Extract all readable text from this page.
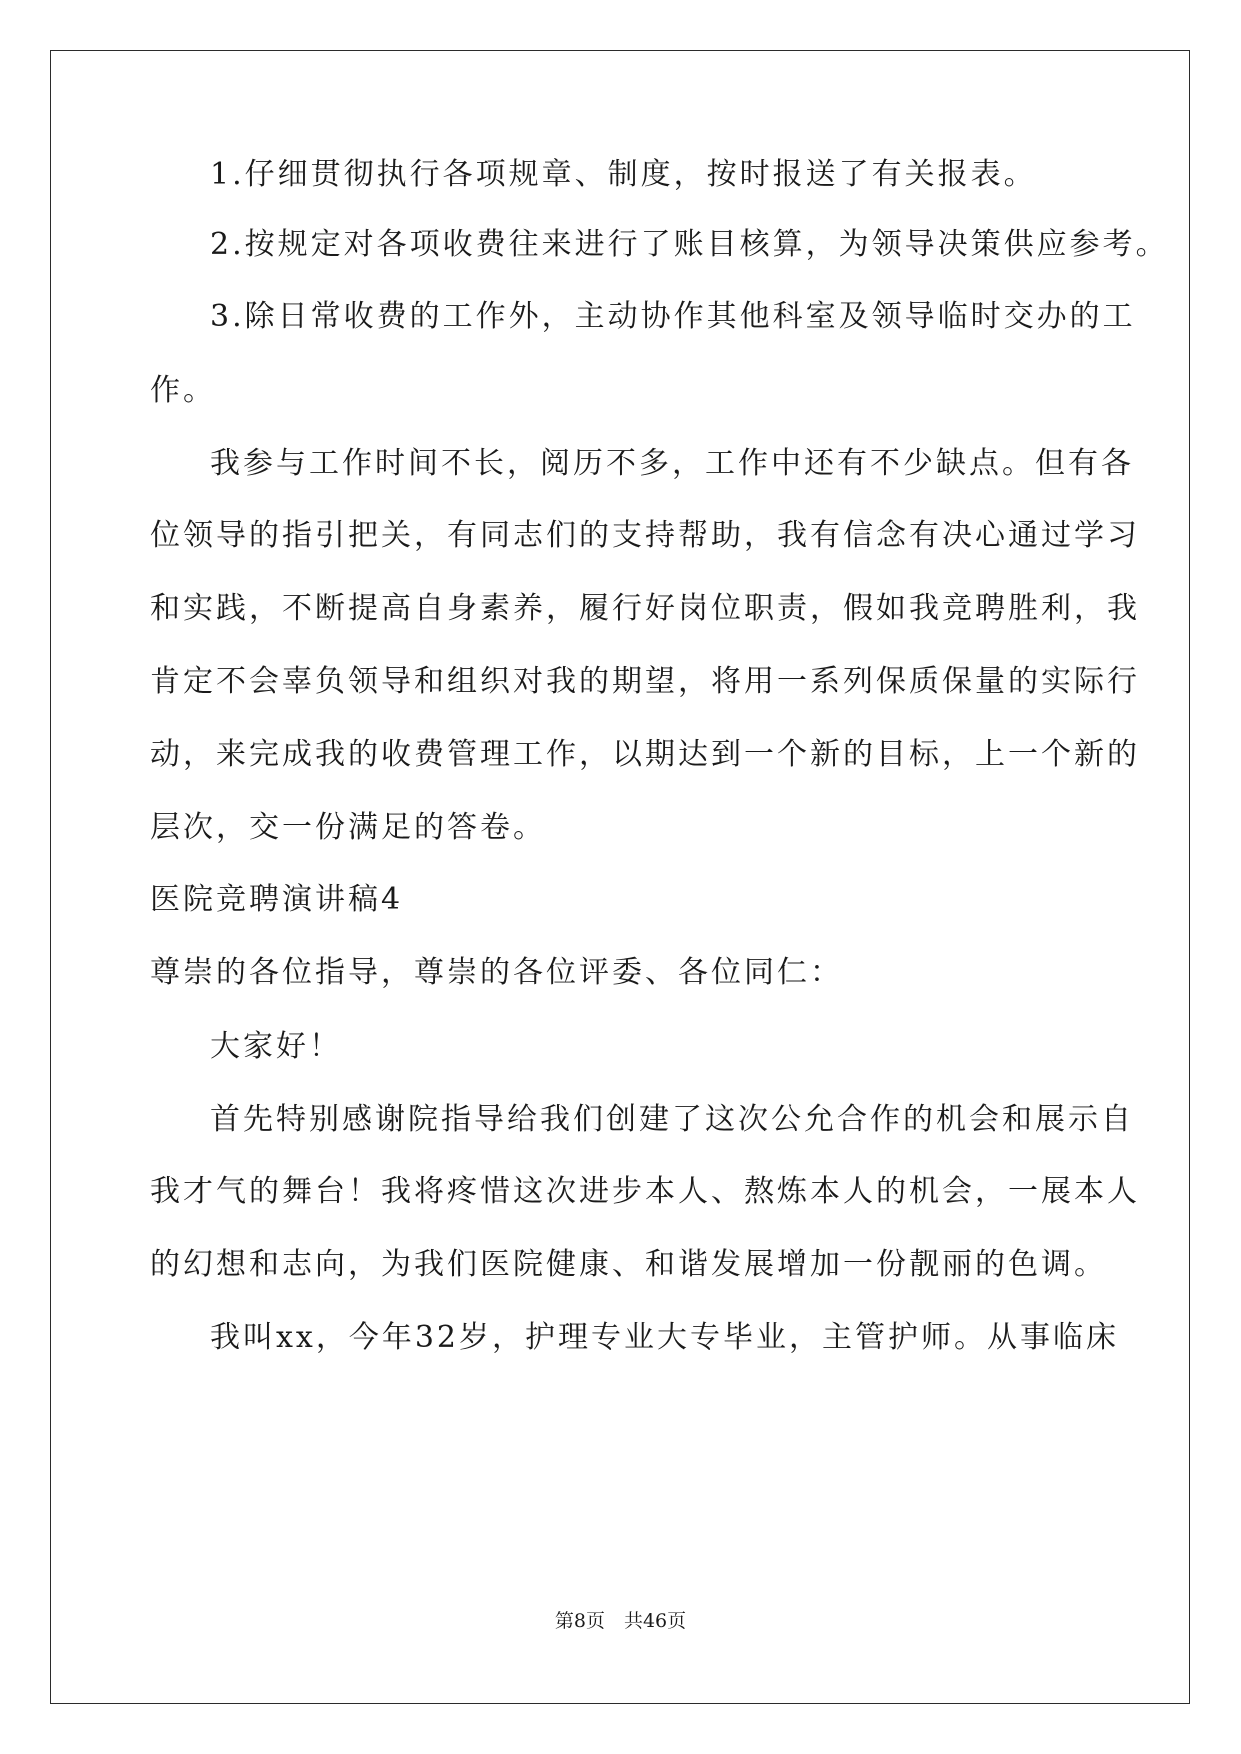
1.仔细贯彻执行各项规章、制度，按时报送了有关报表。
2.按规定对各项收费往来进行了账目核算，为领导决策供应参考。
3.除日常收费的工作外，主动协作其他科室及领导临时交办的工
作。
我参与工作时间不长，阅历不多，工作中还有不少缺点。但有各
位领导的指引把关，有同志们的支持帮助，我有信念有决心通过学习
和实践，不断提高自身素养，履行好岗位职责，假如我竞聘胜利，我
肯定不会辜负领导和组织对我的期望，将用一系列保质保量的实际行
动，来完成我的收费管理工作，以期达到一个新的目标，上一个新的
层次，交一份满足的答卷。
医院竞聘演讲稿4
尊崇的各位指导，尊崇的各位评委、各位同仁：
大家好！
首先特别感谢院指导给我们创建了这次公允合作的机会和展示自
我才气的舞台！我将疼惜这次进步本人、熬炼本人的机会，一展本人
的幻想和志向，为我们医院健康、和谐发展增加一份靓丽的色调。
我叫xx，今年32岁，护理专业大专毕业，主管护师。从事临床
第8页　共46页
